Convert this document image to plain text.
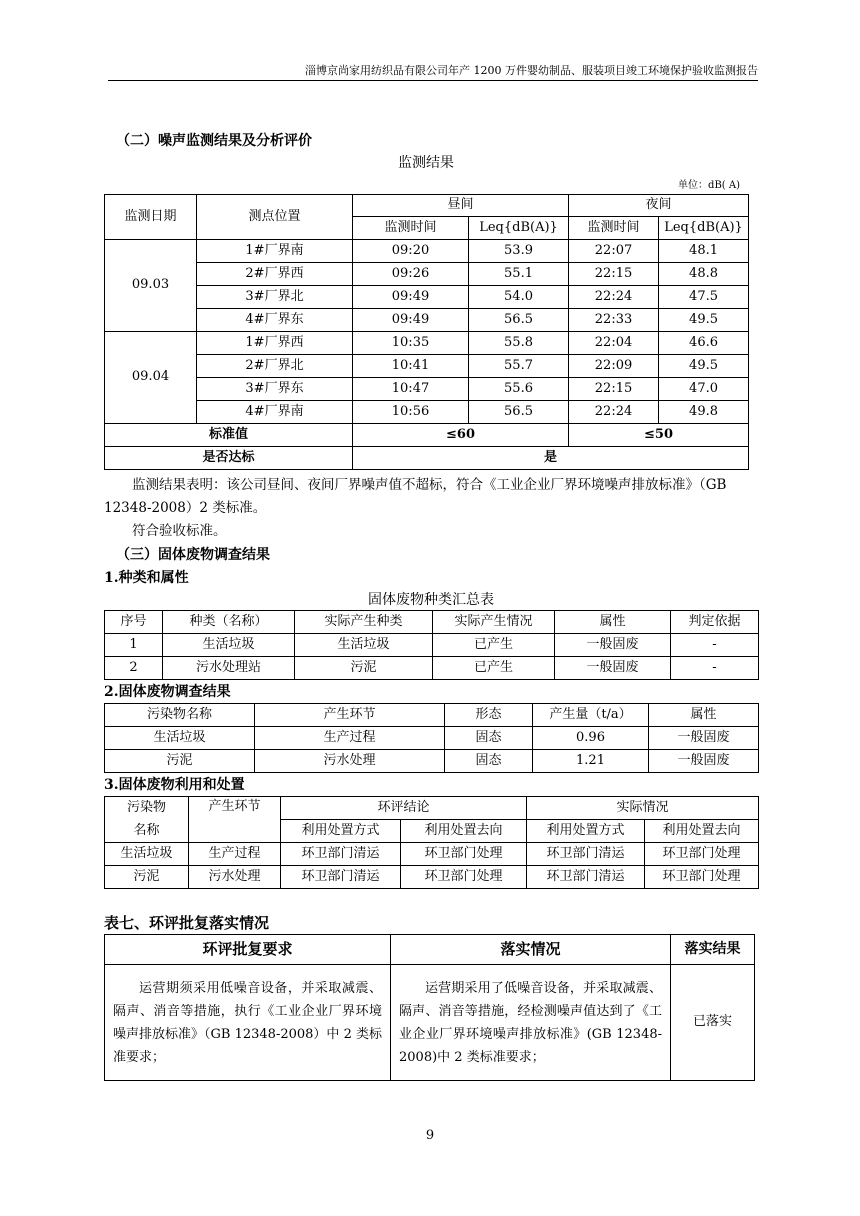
淄博京尚家用纺织品有限公司年产 1200 万件婴幼制品、服装项目竣工环境保护验收监测报告
（二）噪声监测结果及分析评价
监测结果
单位：dB( A)
监测日期	测点位置	昼间		夜间	
		监测时间	Leq{dB(A)}	监测时间	Leq{dB(A)}
09.03	1#厂界南	09:20	53.9	22:07	48.1
	2#厂界西	09:26	55.1	22:15	48.8
	3#厂界北	09:49	54.0	22:24	47.5
	4#厂界东	09:49	56.5	22:33	49.5
09.04	1#厂界西	10:35	55.8	22:04	46.6
	2#厂界北	10:41	55.7	22:09	49.5
	3#厂界东	10:47	55.6	22:15	47.0
	4#厂界南	10:56	56.5	22:24	49.8
标准值		≤60		≤50	
是否达标		是			
监测结果表明：该公司昼间、夜间厂界噪声值不超标，符合《工业企业厂界环境噪声排放标准》（GB 12348-2008）2 类标准。
符合验收标准。
（三）固体废物调查结果
1.种类和属性
固体废物种类汇总表
序号	种类（名称）	实际产生种类	实际产生情况	属性	判定依据
1	生活垃圾	生活垃圾	已产生	一般固废	-
2	污水处理站	污泥	已产生	一般固废	-
2.固体废物调查结果
污染物名称	产生环节	形态	产生量（t/a）	属性
生活垃圾	生产过程	固态	0.96	一般固废
污泥	污水处理	固态	1.21	一般固废
3.固体废物利用和处置
污染物	产生环节	环评结论		实际情况	
名称		利用处置方式	利用处置去向	利用处置方式	利用处置去向
生活垃圾	生产过程	环卫部门清运	环卫部门处理	环卫部门清运	环卫部门处理
污泥	污水处理	环卫部门清运	环卫部门处理	环卫部门清运	环卫部门处理
表七、环评批复落实情况
环评批复要求	落实情况	落实结果

运营期须采用低噪音设备，并采取减震、隔声、消音等措施，执行《工业企业厂界环境噪声排放标准》（GB 12348-2008）中 2 类标准要求；	运营期采用了低噪音设备，并采取减震、隔声、消音等措施，经检测噪声值达到了《工业企业厂界环境噪声排放标准》(GB 12348-2008)中 2 类标准要求；	已落实
9
